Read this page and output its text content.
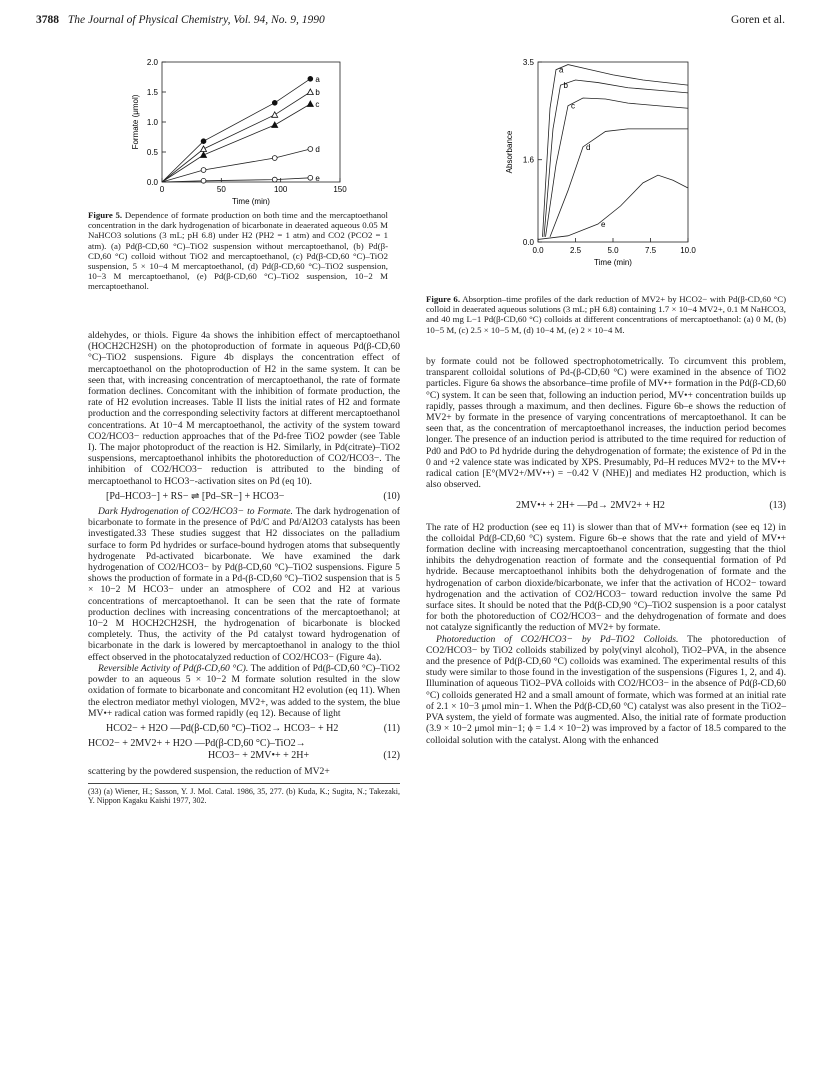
3788 The Journal of Physical Chemistry, Vol. 94, No. 9, 1990	Goren et al.
0.0
0.5
1.0
1.5
2.0
0	50	100	150
Time (min)
Formate (μmol)
a
b
c
d
e
Figure 5. Dependence of formate production on both time and the mercaptoethanol concentration in the dark hydrogenation of bicarbonate in deaerated aqueous 0.05 M NaHCO3 solutions (3 mL; pH 6.8) under H2 (PH2 = 1 atm) and CO2 (PCO2 = 1 atm). (a) Pd(β-CD,60 °C)–TiO2 suspension without mercaptoethanol, (b) Pd(β-CD,60 °C) colloid without TiO2 and mercaptoethanol, (c) Pd(β-CD,60 °C)–TiO2 suspension, 5 × 10−4 M mercaptoethanol, (d) Pd(β-CD,60 °C)–TiO2 suspension, 10−3 M mercaptoethanol, (e) Pd(β-CD,60 °C)–TiO2 suspension, 10−2 M mercaptoethanol.
0.0
1.6
3.5
0.0	2.5	5.0	7.5	10.0
Time (min)
Absorbance
a
b
c
d
e
Figure 6. Absorption–time profiles of the dark reduction of MV2+ by HCO2− with Pd(β-CD,60 °C) colloid in deaerated aqueous solutions (3 mL; pH 6.8) containing 1.7 × 10−4 MV2+, 0.1 M NaHCO3, and 40 mg L−1 Pd(β-CD,60 °C) colloids at different concentrations of mercaptoethanol: (a) 0 M, (b) 10−5 M, (c) 2.5 × 10−5 M, (d) 10−4 M, (e) 2 × 10−4 M.

aldehydes, or thiols. Figure 4a shows the inhibition effect of mercaptoethanol (HOCH2CH2SH) on the photoproduction of formate in aqueous Pd(β-CD,60 °C)–TiO2 suspensions. Figure 4b displays the concentration effect of mercaptoethanol on the photoproduction of H2 in the same system. It can be seen that, with increasing concentration of mercaptoethanol, the rate of formate formation declines. Concomitant with the inhibition of formate production, the rate of H2 evolution increases. Table II lists the initial rates of H2 and formate production and the corresponding selectivity factors at different mercaptoethanol concentrations. At 10−4 M mercaptoethanol, the activity of the system toward CO2/HCO3− reduction approaches that of the Pd-free TiO2 powder (see Table I). The major photoproduct of the reaction is H2. Similarly, in Pd(citrate)–TiO2 suspensions, mercaptoethanol inhibits the photoreduction of CO2/HCO3−. The inhibition of CO2/HCO3− reduction is attributed to the binding of mercaptoethanol to HCO3−-activation sites on Pd (eq 10).

[Pd–HCO3−] + RS− ⇌ [Pd–SR−] + HCO3−	(10)

Dark Hydrogenation of CO2/HCO3− to Formate. The dark hydrogenation of bicarbonate to formate in the presence of Pd/C and Pd/Al2O3 catalysts has been investigated.33 These studies suggest that H2 dissociates on the palladium surface to form Pd hydrides or surface-bound hydrogen atoms that subsequently hydrogenate Pd-activated bicarbonate. We have examined the dark hydrogenation of CO2/HCO3− by Pd(β-CD,60 °C)–TiO2 suspensions. Figure 5 shows the production of formate in a Pd-(β-CD,60 °C)–TiO2 suspension that is 5 × 10−2 M HCO3− under an atmosphere of CO2 and H2 at various concentrations of mercaptoethanol. It can be seen that the rate of formate production declines with increasing concentrations of the mercaptoethanol; at 10−2 M HOCH2CH2SH, the hydrogenation of bicarbonate is blocked completely. Thus, the activity of the Pd catalyst toward hydrogenation of bicarbonate in the dark is lowered by mercaptoethanol in analogy to the thiol effect observed in the photocatalyzed reduction of CO2/HCO3− (Figure 4a).

Reversible Activity of Pd(β-CD,60 °C). The addition of Pd(β-CD,60 °C)–TiO2 powder to an aqueous 5 × 10−2 M formate solution resulted in the slow oxidation of formate to bicarbonate and concomitant H2 evolution (eq 11). When the electron mediator methyl viologen, MV2+, was added to the system, the blue MV•+ radical cation was formed rapidly (eq 12). Because of light

HCO2− + H2O —Pd(β-CD,60 °C)–TiO2→ HCO3− + H2	(11)
HCO2− + 2MV2+ + H2O —Pd(β-CD,60 °C)–TiO2→
HCO3− + 2MV•+ + 2H+	(12)

scattering by the powdered suspension, the reduction of MV2+

(33) (a) Wiener, H.; Sasson, Y. J. Mol. Catal. 1986, 35, 277. (b) Kuda, K.; Sugita, N.; Takezaki, Y. Nippon Kagaku Kaishi 1977, 302.

by formate could not be followed spectrophotometrically. To circumvent this problem, transparent colloidal solutions of Pd-(β-CD,60 °C) were examined in the absence of TiO2 particles. Figure 6a shows the absorbance–time profile of MV•+ formation in the Pd(β-CD,60 °C) system. It can be seen that, following an induction period, MV•+ concentration builds up rapidly, passes through a maximum, and then declines. Figure 6b–e shows the reduction of MV2+ by formate in the presence of varying concentrations of mercaptoethanol. It can be seen that, as the concentration of mercaptoethanol increases, the induction period becomes longer. The presence of an induction period is attributed to the time required for reduction of Pd0 and PdO to Pd hydride during the dehydrogenation of formate; the existence of Pd in the 0 and +2 valence state was indicated by XPS. Presumably, Pd–H reduces MV2+ to the MV•+ radical cation [E°(MV2+/MV•+) = −0.42 V (NHE)] and mediates H2 production, which is also observed.

2MV•+ + 2H+ —Pd→ 2MV2+ + H2	(13)

The rate of H2 production (see eq 11) is slower than that of MV•+ formation (see eq 12) in the colloidal Pd(β-CD,60 °C) system. Figure 6b–e shows that the rate and yield of MV•+ formation decline with increasing mercaptoethanol concentration, suggesting that the thiol inhibits the dehydrogenation reaction of formate and the consequential formation of Pd hydride. Because mercaptoethanol inhibits both the dehydrogenation of formate and the hydrogenation of carbon dioxide/bicarbonate, we infer that the activation of HCO2− toward hydrogenation and the activation of CO2/HCO3− toward reduction involve the same Pd surface sites. It should be noted that the Pd(β-CD,90 °C)–TiO2 suspension is a poor catalyst for both the photoreduction of CO2/HCO3− and the dehydrogenation of formate and does not catalyze significantly the reduction of MV2+ by formate.

Photoreduction of CO2/HCO3− by Pd–TiO2 Colloids. The photoreduction of CO2/HCO3− by TiO2 colloids stabilized by poly(vinyl alcohol), TiO2–PVA, in the absence and the presence of Pd(β-CD,60 °C) colloids was examined. The experimental results of this study were similar to those found in the investigation of the suspensions (Figures 1, 2, and 4). Illumination of aqueous TiO2–PVA colloids with CO2/HCO3− in the absence of Pd(β-CD,60 °C) colloids generated H2 and a small amount of formate, which was formed at an initial rate of 2.1 × 10−3 μmol min−1. When the Pd(β-CD,60 °C) catalyst was also present in the TiO2–PVA system, the yield of formate was augmented. Also, the initial rate of formate production (3.9 × 10−2 μmol min−1; ϕ = 1.4 × 10−2) was improved by a factor of 18.5 compared to the colloidal solution with the catalyst. Along with the enhanced
